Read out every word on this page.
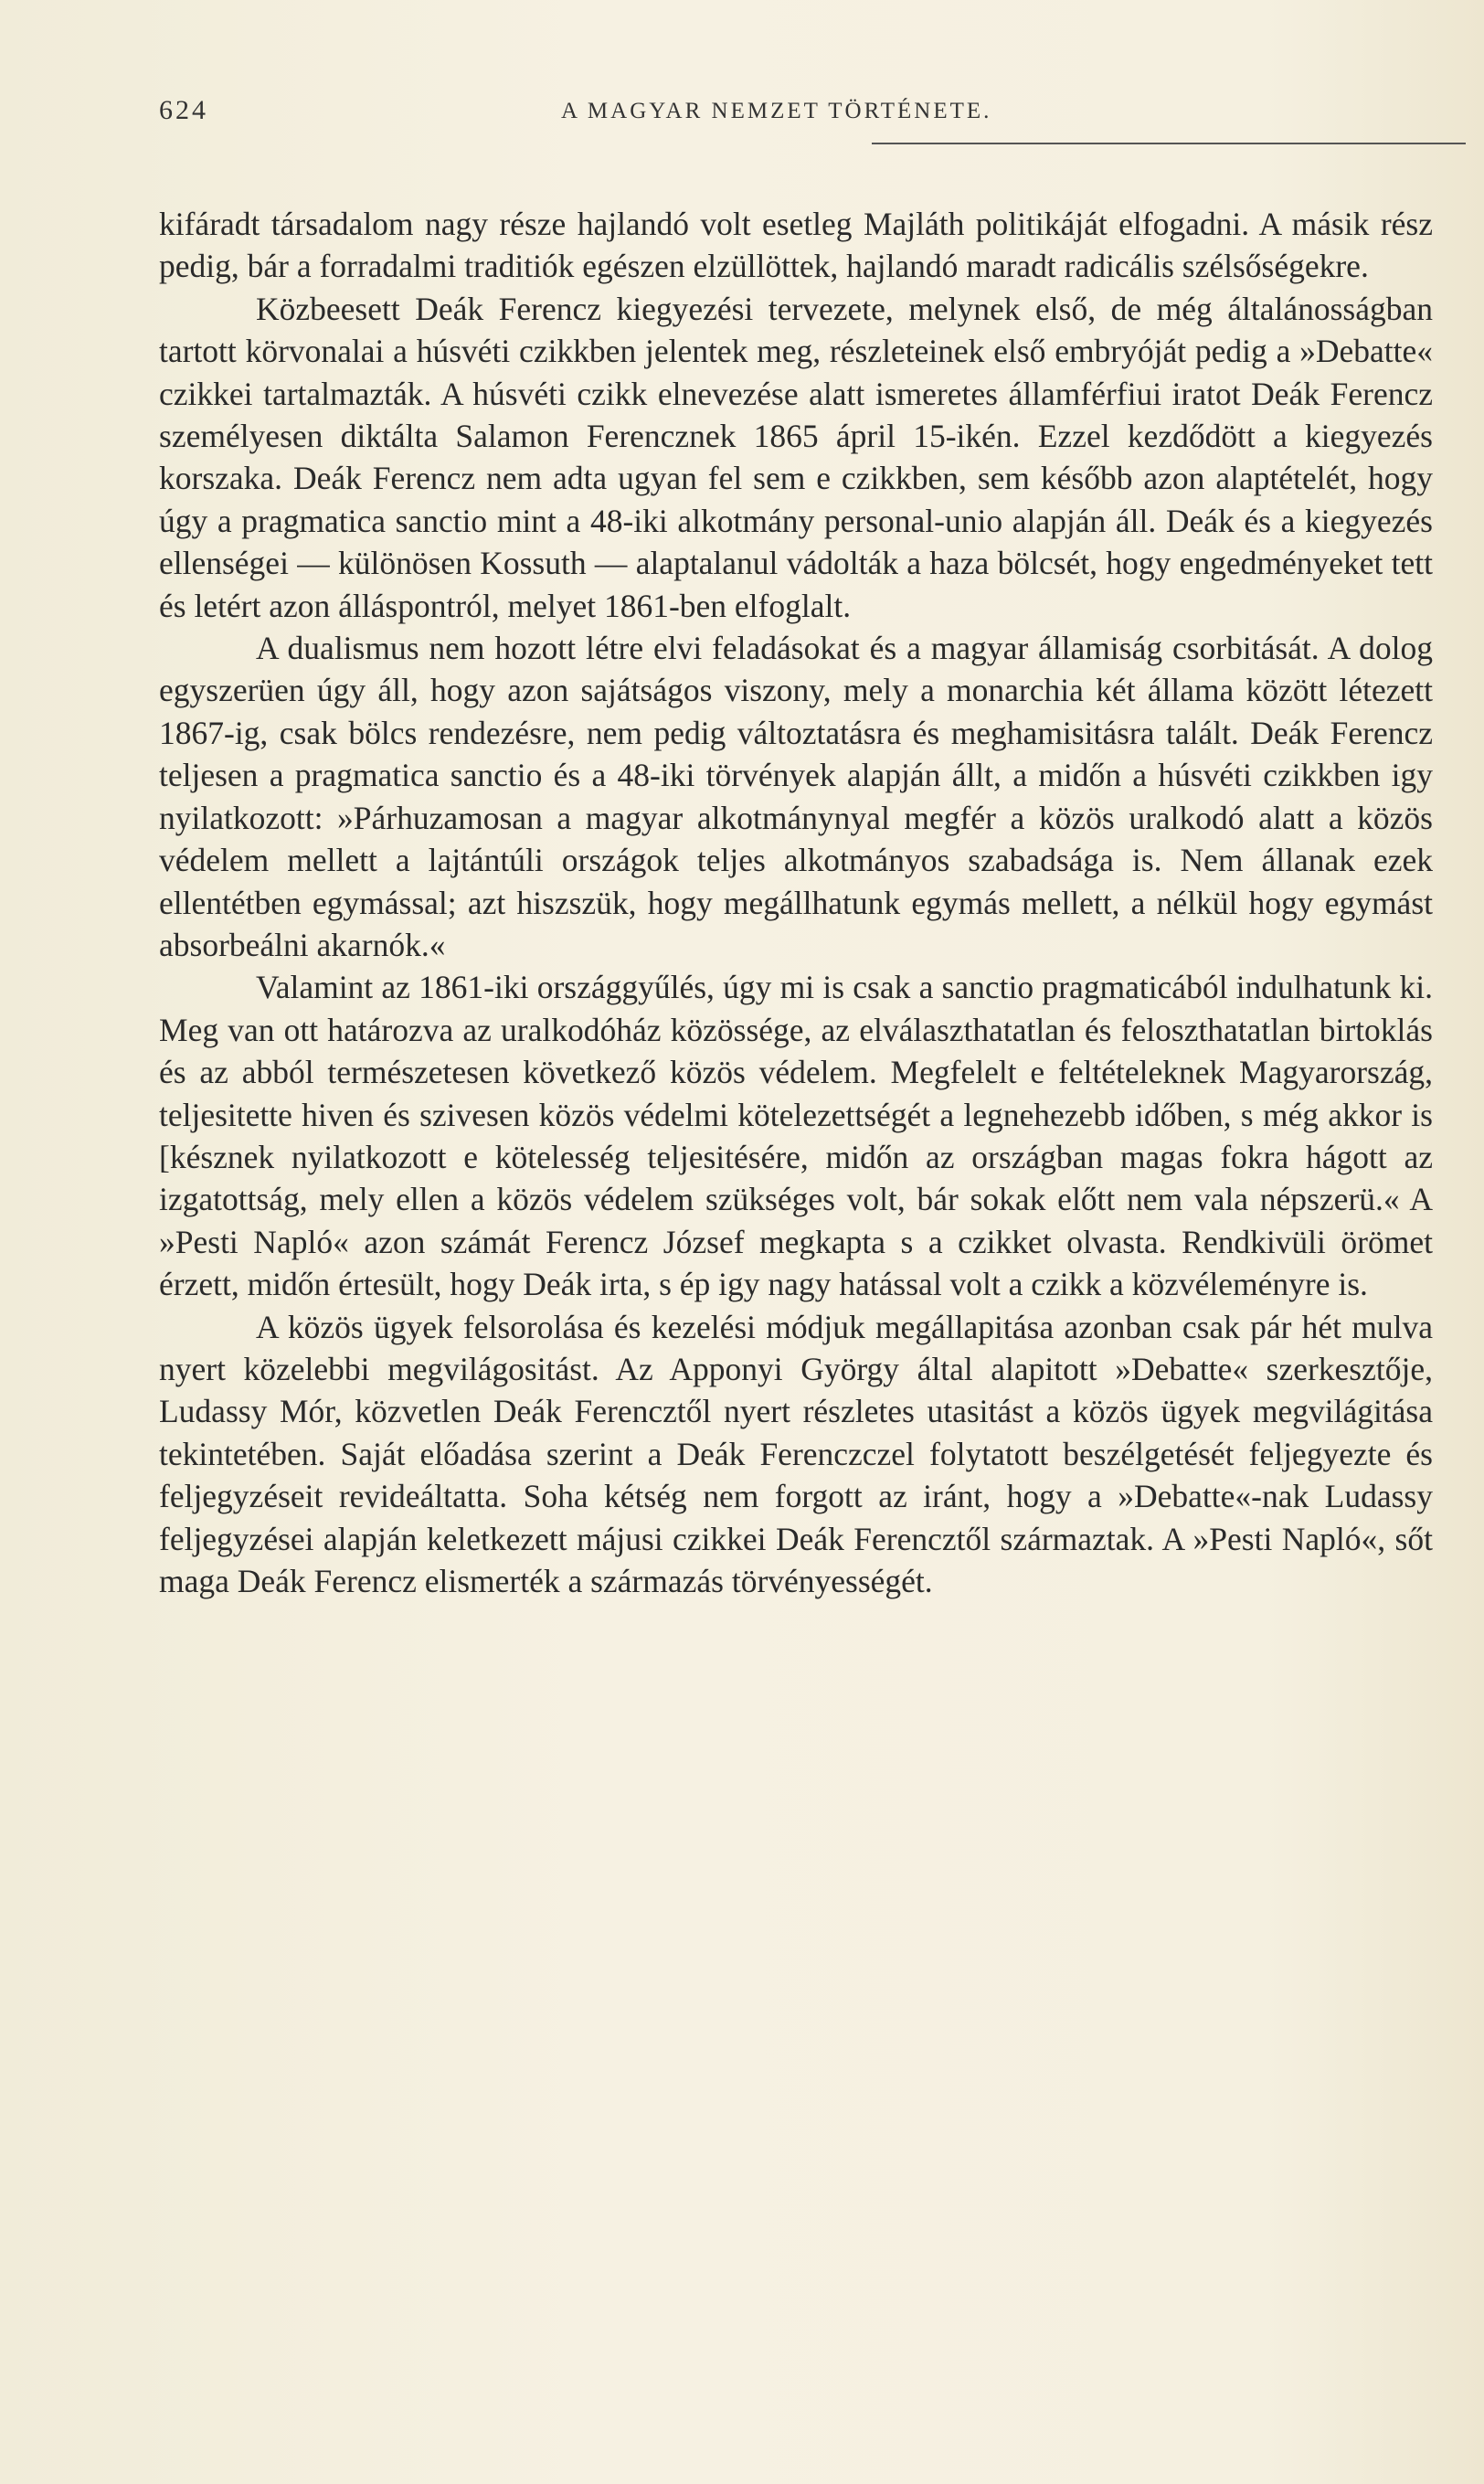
624	A MAGYAR NEMZET TÖRTÉNETE.

kifáradt társadalom nagy része hajlandó volt esetleg Majláth politikáját elfogadni. A másik rész pedig, bár a forradalmi traditiók egészen elzüllöttek, hajlandó maradt radicális szélsőségekre.

Közbeesett Deák Ferencz kiegyezési tervezete, melynek első, de még általánosságban tartott körvonalai a húsvéti czikkben jelentek meg, részleteinek első embryóját pedig a »Debatte« czikkei tartalmazták. A húsvéti czikk elnevezése alatt ismeretes államférfiui iratot Deák Ferencz személyesen diktálta Salamon Ferencznek 1865 ápril 15-ikén. Ezzel kezdődött a kiegyezés korszaka. Deák Ferencz nem adta ugyan fel sem e czikkben, sem később azon alaptételét, hogy úgy a pragmatica sanctio mint a 48-iki alkotmány personal-unio alapján áll. Deák és a kiegyezés ellenségei — különösen Kossuth — alaptalanul vádolták a haza bölcsét, hogy engedményeket tett és letért azon álláspontról, melyet 1861-ben elfoglalt.

A dualismus nem hozott létre elvi feladásokat és a magyar államiság csorbitását. A dolog egyszerüen úgy áll, hogy azon sajátságos viszony, mely a monarchia két állama között létezett 1867-ig, csak bölcs rendezésre, nem pedig változtatásra és meghamisitásra talált. Deák Ferencz teljesen a pragmatica sanctio és a 48-iki törvények alapján állt, a midőn a húsvéti czikkben igy nyilatkozott: »Párhuzamosan a magyar alkotmánynyal megfér a közös uralkodó alatt a közös védelem mellett a lajtántúli országok teljes alkotmányos szabadsága is. Nem állanak ezek ellentétben egymással; azt hiszszük, hogy megállhatunk egymás mellett, a nélkül hogy egymást absorbeálni akarnók.«

Valamint az 1861-iki országgyűlés, úgy mi is csak a sanctio pragmaticából indulhatunk ki. Meg van ott határozva az uralkodóház közössége, az elválaszthatatlan és feloszthatatlan birtoklás és az abból természetesen következő közös védelem. Megfelelt e feltételeknek Magyarország, teljesitette hiven és szivesen közös védelmi kötelezettségét a legnehezebb időben, s még akkor is [késznek nyilatkozott e kötelesség teljesitésére, midőn az országban magas fokra hágott az izgatottság, mely ellen a közös védelem szükséges volt, bár sokak előtt nem vala népszerü.« A »Pesti Napló« azon számát Ferencz József megkapta s a czikket olvasta. Rendkivüli örömet érzett, midőn értesült, hogy Deák irta, s ép igy nagy hatással volt a czikk a közvéleményre is.

A közös ügyek felsorolása és kezelési módjuk megállapitása azonban csak pár hét mulva nyert közelebbi megvilágositást. Az Apponyi György által alapitott »Debatte« szerkesztője, Ludassy Mór, közvetlen Deák Ferencztől nyert részletes utasitást a közös ügyek megvilágitása tekintetében. Saját előadása szerint a Deák Ferenczczel folytatott beszélgetését feljegyezte és feljegyzéseit revideáltatta. Soha kétség nem forgott az iránt, hogy a »Debatte«-nak Ludassy feljegyzései alapján keletkezett májusi czikkei Deák Ferencztől származtak. A »Pesti Napló«, sőt maga Deák Ferencz elismerték a származás törvényességét.
